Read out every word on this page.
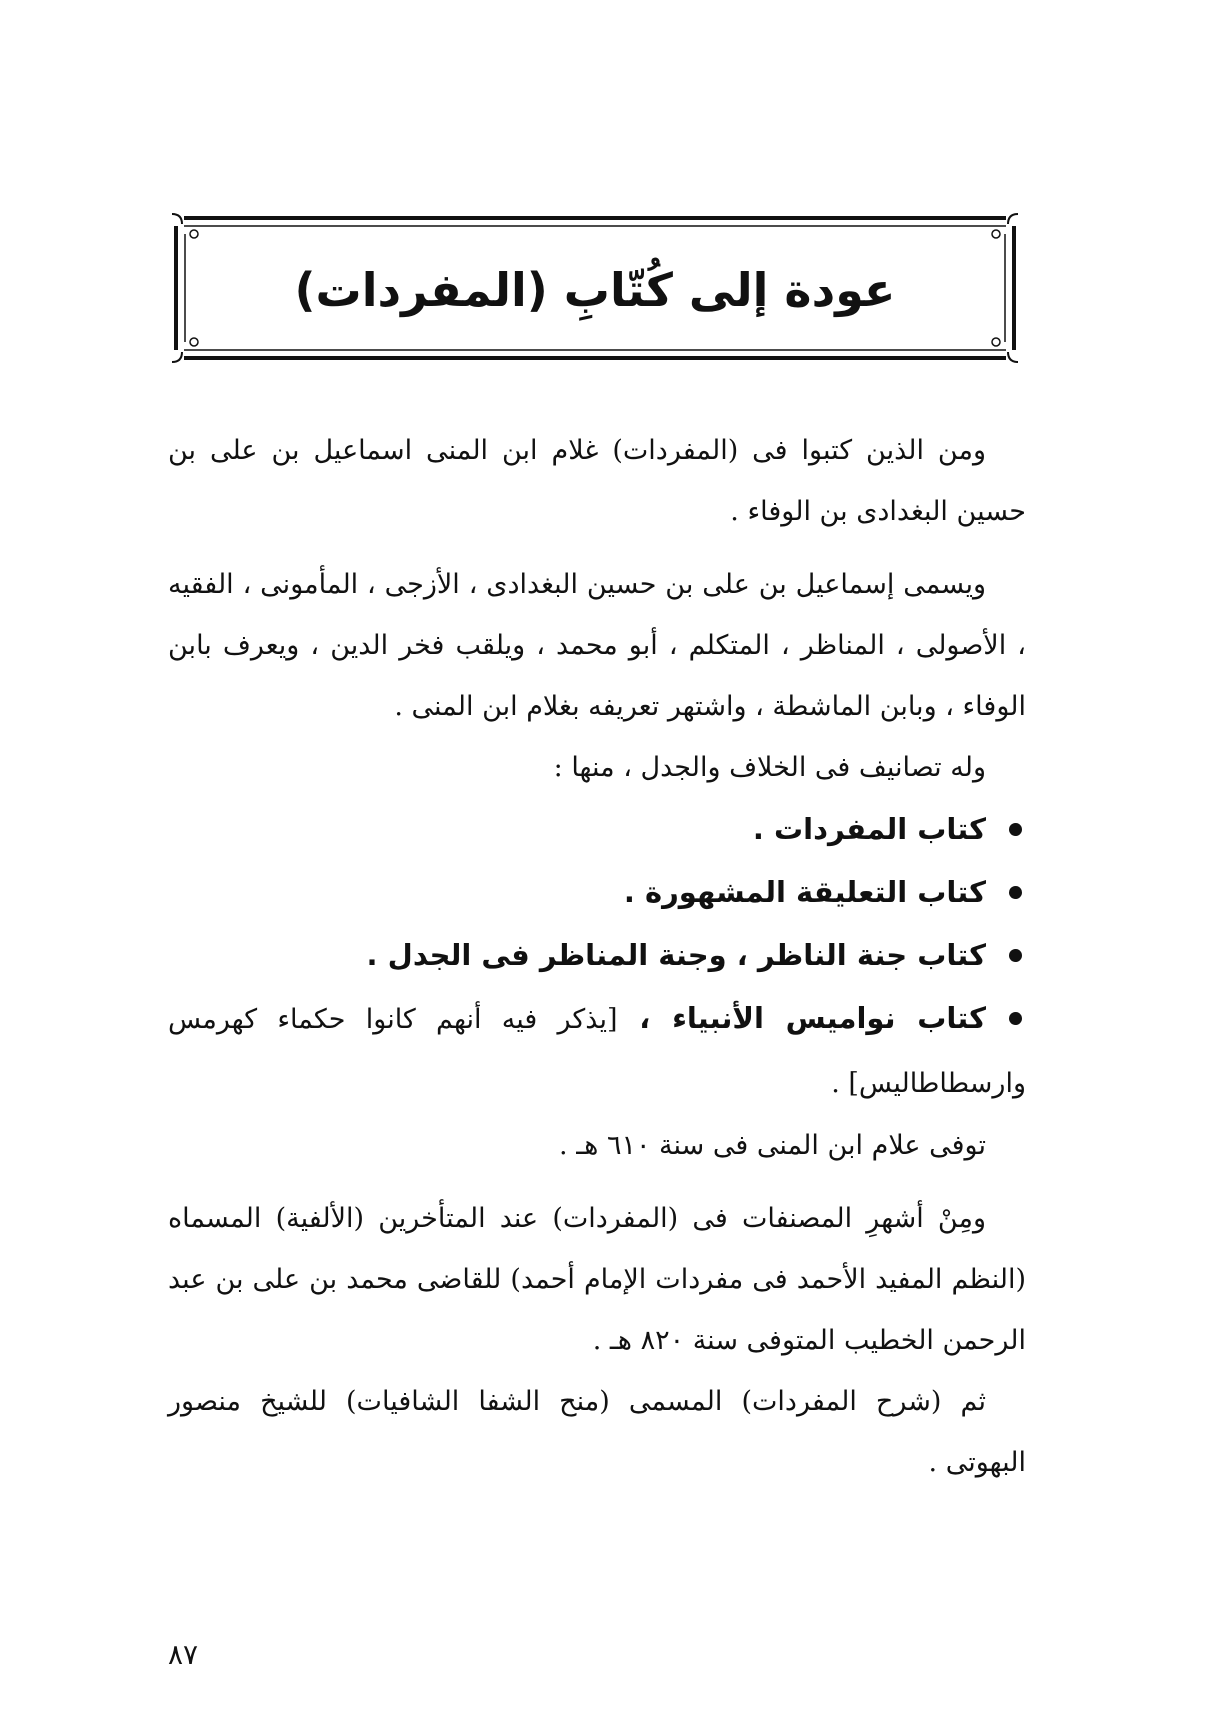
عودة إلى كُتّابِ (المفردات)

ومن الذين كتبوا فى (المفردات) غلام ابن المنى اسماعيل بن على بن حسين البغدادى بن الوفاء .

ويسمى إسماعيل بن على بن حسين البغدادى ، الأزجى ، المأمونى ، الفقيه ، الأصولى ، المناظر ، المتكلم ، أبو محمد ، ويلقب فخر الدين ، ويعرف بابن الوفاء ، وبابن الماشطة ، واشتهر تعريفه بغلام ابن المنى .

وله تصانيف فى الخلاف والجدل ، منها :

كتاب المفردات .
كتاب التعليقة المشهورة .
كتاب جنة الناظر ، وجنة المناظر فى الجدل .
كتاب نواميس الأنبياء ، [يذكر فيه أنهم كانوا حكماء كهرمس وارسطاطاليس] .

توفى علام ابن المنى فى سنة ٦١٠ هـ .

ومِنْ أشهرِ المصنفات فى (المفردات) عند المتأخرين (الألفية) المسماه (النظم المفيد الأحمد فى مفردات الإمام أحمد) للقاضى محمد بن على بن عبد الرحمن الخطيب المتوفى سنة ٨٢٠ هـ .

ثم (شرح المفردات) المسمى (منح الشفا الشافيات) للشيخ منصور البهوتى .

٨٧
